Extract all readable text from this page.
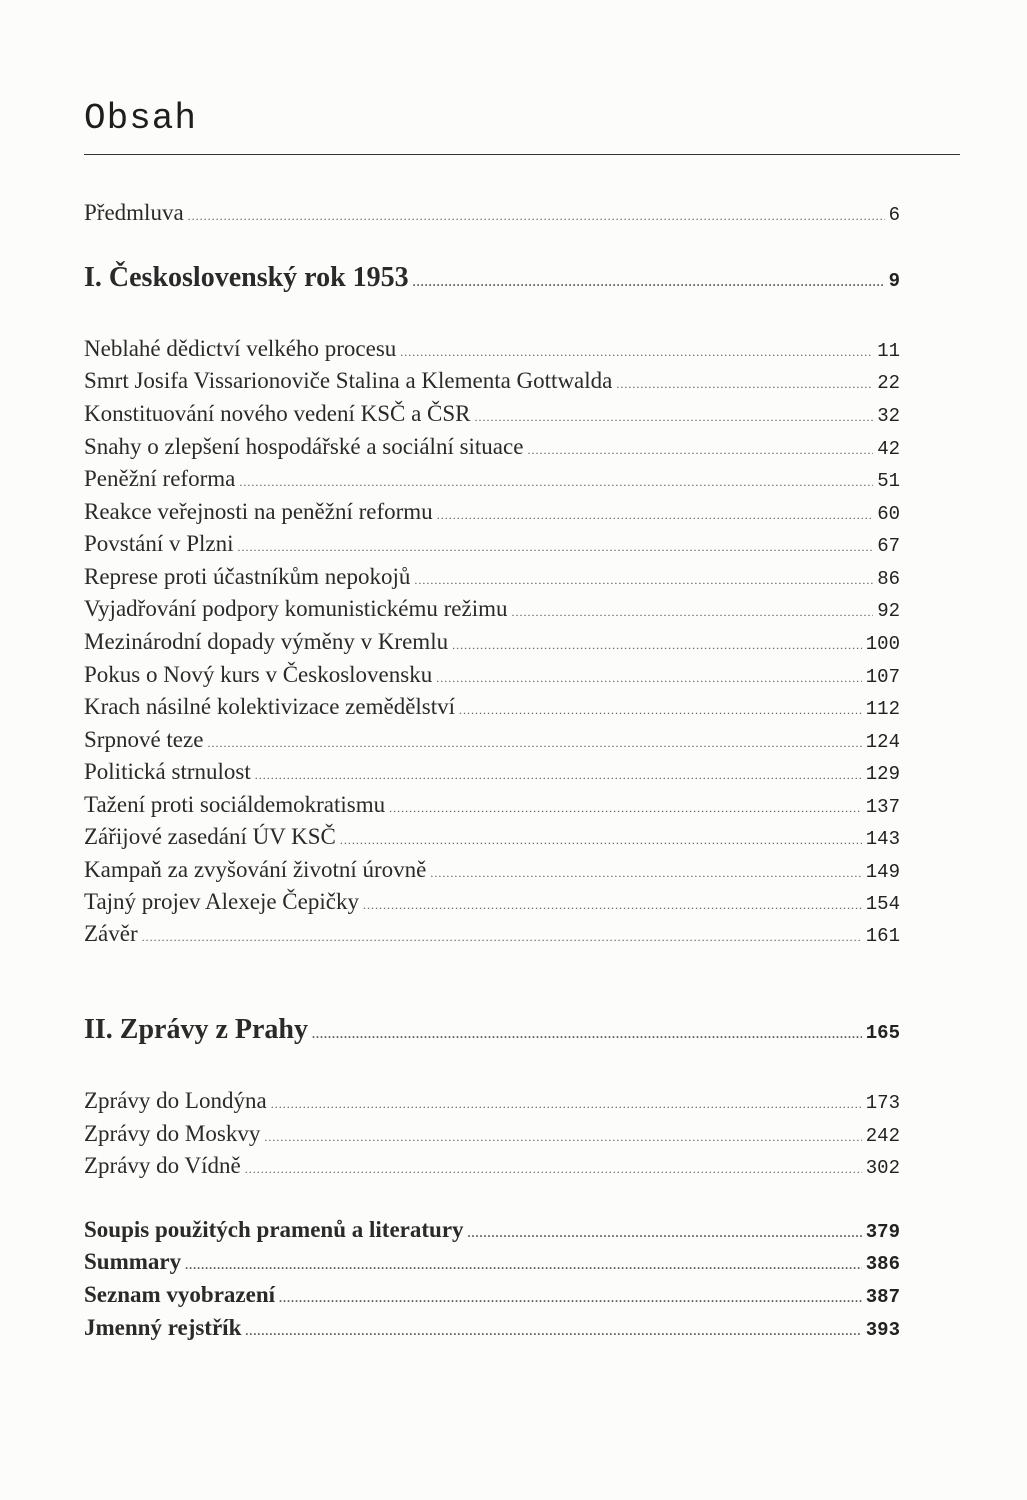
Obsah
Předmluva .....	6
I. Československý rok 1953 .....	9
Neblahé dědictví velkého procesu .....	11
Smrt Josifa Vissarionoviče Stalina a Klementa Gottwalda .....	22
Konstituování nového vedení KSČ a ČSR .....	32
Snahy o zlepšení hospodářské a sociální situace .....	42
Peněžní reforma .....	51
Reakce veřejnosti na peněžní reformu .....	60
Povstání v Plzni .....	67
Represe proti účastníkům nepokojů .....	86
Vyjadřování podpory komunistickému režimu .....	92
Mezinárodní dopady výměny v Kremlu .....	100
Pokus o Nový kurs v Československu .....	107
Krach násilné kolektivizace zemědělství .....	112
Srpnové teze .....	124
Politická strnulost .....	129
Tažení proti sociáldemokratismu .....	137
Zářijové zasedání ÚV KSČ .....	143
Kampaň za zvyšování životní úrovně .....	149
Tajný projev Alexeje Čepičky .....	154
Závěr .....	161
II. Zprávy z Prahy .....	165
Zprávy do Londýna .....	173
Zprávy do Moskvy .....	242
Zprávy do Vídně .....	302
Soupis použitých pramenů a literatury .....	379
Summary .....	386
Seznam vyobrazení .....	387
Jmenný rejstřík .....	393
